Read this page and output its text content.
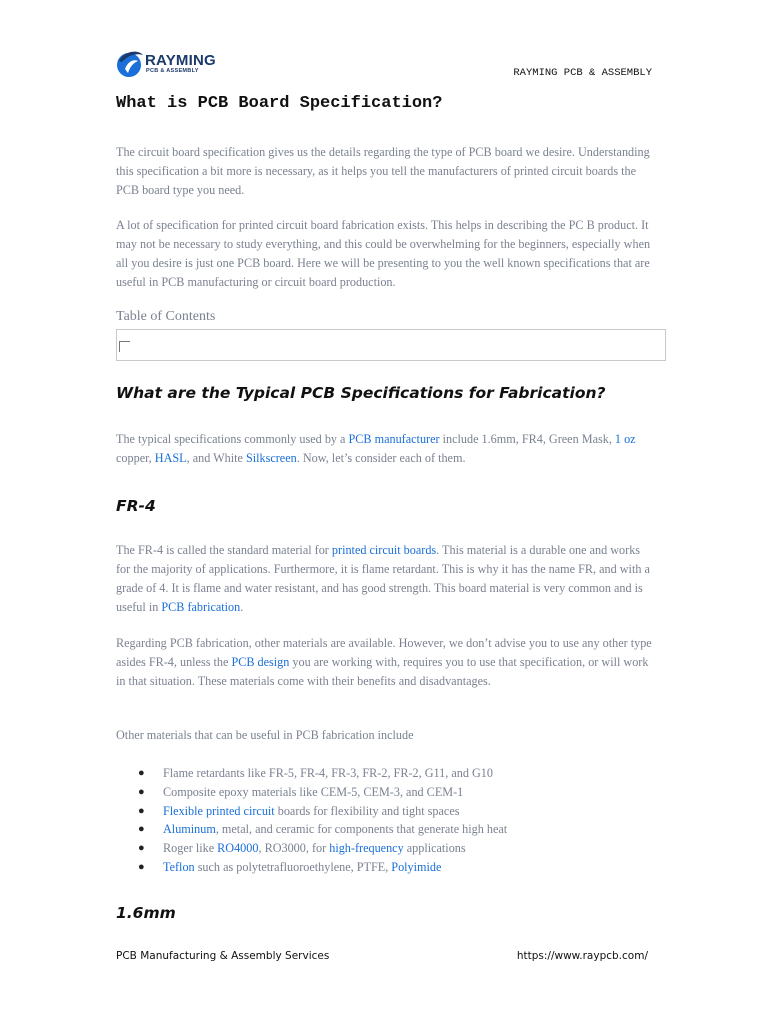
RAYMING
PCB & ASSEMBLY	RAYMING PCB & ASSEMBLY
What is PCB Board Specification?

The circuit board specification gives us the details regarding the type of PCB board we desire. Understanding this specification a bit more is necessary, as it helps you tell the manufacturers of printed circuit boards the PCB board type you need.

A lot of specification for printed circuit board fabrication exists. This helps in describing the PC B product. It may not be necessary to study everything, and this could be overwhelming for the beginners, especially when all you desire is just one PCB board. Here we will be presenting to you the well known specifications that are useful in PCB manufacturing or circuit board production.

Table of Contents
What are the Typical PCB Specifications for Fabrication?

The typical specifications commonly used by a PCB manufacturer include 1.6mm, FR4, Green Mask, 1 oz copper, HASL, and White Silkscreen. Now, let’s consider each of them.

FR-4

The FR-4 is called the standard material for printed circuit boards. This material is a durable one and works for the majority of applications. Furthermore, it is flame retardant. This is why it has the name FR, and with a grade of 4. It is flame and water resistant, and has good strength. This board material is very common and is useful in PCB fabrication.

Regarding PCB fabrication, other materials are available. However, we don’t advise you to use any other type asides FR-4, unless the PCB design you are working with, requires you to use that specification, or will work in that situation. These materials come with their benefits and disadvantages.

Other materials that can be useful in PCB fabrication include

● Flame retardants like FR-5, FR-4, FR-3, FR-2, FR-2, G11, and G10
● Composite epoxy materials like CEM-5, CEM-3, and CEM-1
● Flexible printed circuit boards for flexibility and tight spaces
● Aluminum, metal, and ceramic for components that generate high heat
● Roger like RO4000, RO3000, for high-frequency applications
● Teflon such as polytetrafluoroethylene, PTFE, Polyimide
1.6mm
PCB Manufacturing & Assembly Services	https://www.raypcb.com/
